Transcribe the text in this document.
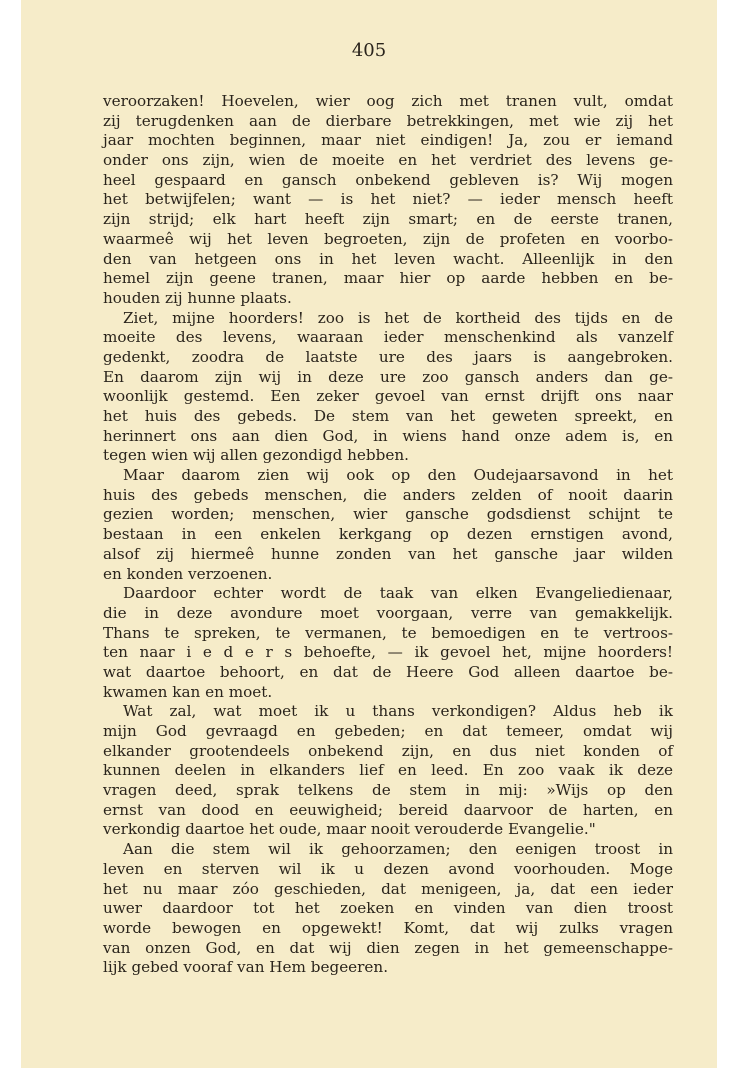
405
veroorzaken! Hoevelen, wier oog zich met tranen vult, omdat
zij terugdenken aan de dierbare betrekkingen, met wie zij het
jaar mochten beginnen, maar niet eindigen! Ja, zou er iemand
onder ons zijn, wien de moeite en het verdriet des levens ge-
heel gespaard en gansch onbekend gebleven is? Wij mogen
het betwijfelen; want — is het niet? — ieder mensch heeft
zijn strijd; elk hart heeft zijn smart; en de eerste tranen,
waarmeê wij het leven begroeten, zijn de profeten en voorbo-
den van hetgeen ons in het leven wacht. Alleenlijk in den
hemel zijn geene tranen, maar hier op aarde hebben en be-
houden zij hunne plaats.
Ziet, mijne hoorders! zoo is het de kortheid des tijds en de
moeite des levens, waaraan ieder menschenkind als vanzelf
gedenkt, zoodra de laatste ure des jaars is aangebroken.
En daarom zijn wij in deze ure zoo gansch anders dan ge-
woonlijk gestemd. Een zeker gevoel van ernst drijft ons naar
het huis des gebeds. De stem van het geweten spreekt, en
herinnert ons aan dien God, in wiens hand onze adem is, en
tegen wien wij allen gezondigd hebben.
Maar daarom zien wij ook op den Oudejaarsavond in het
huis des gebeds menschen, die anders zelden of nooit daarin
gezien worden; menschen, wier gansche godsdienst schijnt te
bestaan in een enkelen kerkgang op dezen ernstigen avond,
alsof zij hiermeê hunne zonden van het gansche jaar wilden
en konden verzoenen.
Daardoor echter wordt de taak van elken Evangeliedienaar,
die in deze avondure moet voorgaan, verre van gemakkelijk.
Thans te spreken, te vermanen, te bemoedigen en te vertroos-
ten naar i e d e r s behoefte, — ik gevoel het, mijne hoorders!
wat daartoe behoort, en dat de Heere God alleen daartoe be-
kwamen kan en moet.
Wat zal, wat moet ik u thans verkondigen? Aldus heb ik
mijn God gevraagd en gebeden; en dat temeer, omdat wij
elkander grootendeels onbekend zijn, en dus niet konden of
kunnen deelen in elkanders lief en leed. En zoo vaak ik deze
vragen deed, sprak telkens de stem in mij: »Wijs op den
ernst van dood en eeuwigheid; bereid daarvoor de harten, en
verkondig daartoe het oude, maar nooit verouderde Evangelie."
Aan die stem wil ik gehoorzamen; den eenigen troost in
leven en sterven wil ik u dezen avond voorhouden. Moge
het nu maar zóo geschieden, dat menigeen, ja, dat een ieder
uwer daardoor tot het zoeken en vinden van dien troost
worde bewogen en opgewekt! Komt, dat wij zulks vragen
van onzen God, en dat wij dien zegen in het gemeenschappe-
lijk gebed vooraf van Hem begeeren.
